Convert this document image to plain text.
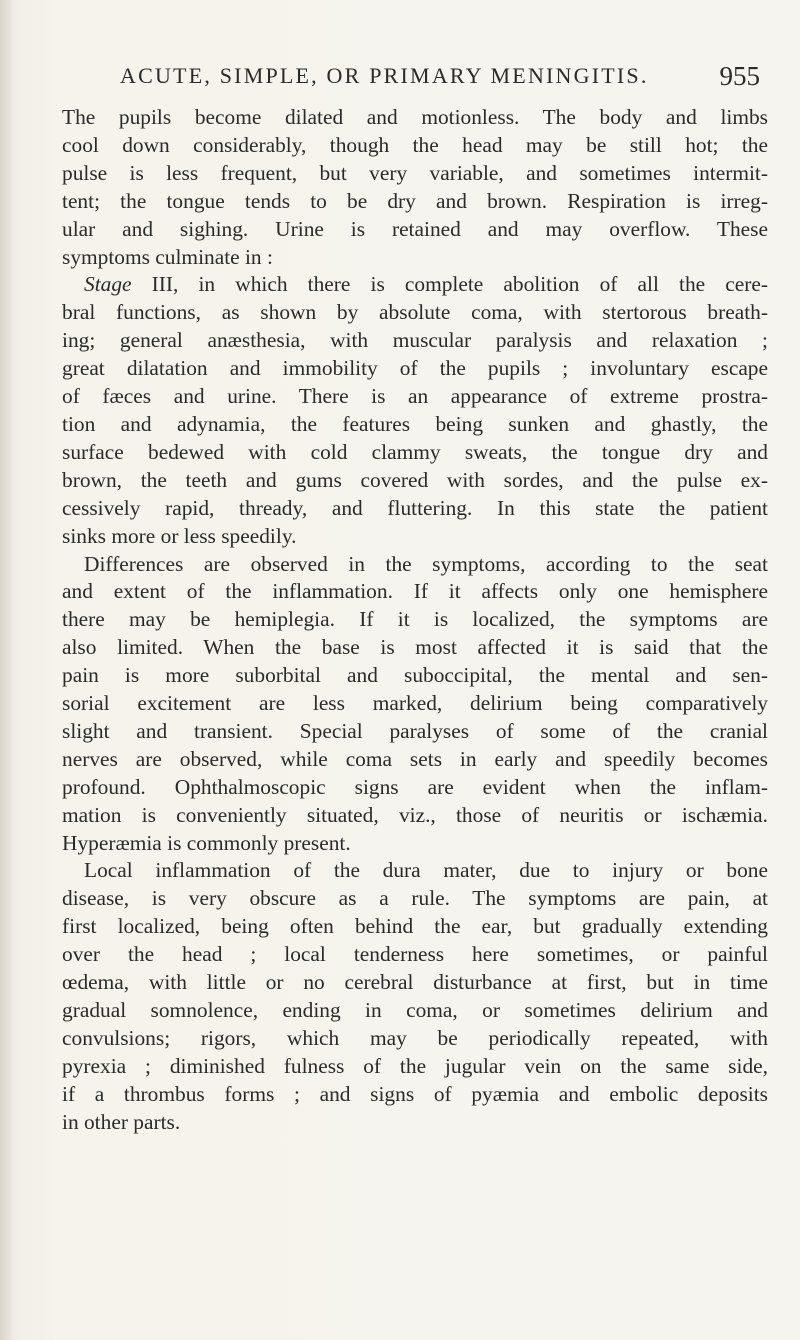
ACUTE, SIMPLE, OR PRIMARY MENINGITIS.	955

The pupils become dilated and motionless. The body and limbs
cool down considerably, though the head may be still hot; the
pulse is less frequent, but very variable, and sometimes intermit-
tent; the tongue tends to be dry and brown. Respiration is irreg-
ular and sighing. Urine is retained and may overflow. These
symptoms culminate in :

Stage III, in which there is complete abolition of all the cere-
bral functions, as shown by absolute coma, with stertorous breath-
ing; general anæsthesia, with muscular paralysis and relaxation ;
great dilatation and immobility of the pupils ; involuntary escape
of fæces and urine. There is an appearance of extreme prostra-
tion and adynamia, the features being sunken and ghastly, the
surface bedewed with cold clammy sweats, the tongue dry and
brown, the teeth and gums covered with sordes, and the pulse ex-
cessively rapid, thready, and fluttering. In this state the patient
sinks more or less speedily.

Differences are observed in the symptoms, according to the seat
and extent of the inflammation. If it affects only one hemisphere
there may be hemiplegia. If it is localized, the symptoms are
also limited. When the base is most affected it is said that the
pain is more suborbital and suboccipital, the mental and sen-
sorial excitement are less marked, delirium being comparatively
slight and transient. Special paralyses of some of the cranial
nerves are observed, while coma sets in early and speedily becomes
profound. Ophthalmoscopic signs are evident when the inflam-
mation is conveniently situated, viz., those of neuritis or ischæmia.
Hyperæmia is commonly present.

Local inflammation of the dura mater, due to injury or bone
disease, is very obscure as a rule. The symptoms are pain, at
first localized, being often behind the ear, but gradually extending
over the head ; local tenderness here sometimes, or painful
œdema, with little or no cerebral disturbance at first, but in time
gradual somnolence, ending in coma, or sometimes delirium and
convulsions; rigors, which may be periodically repeated, with
pyrexia ; diminished fulness of the jugular vein on the same side,
if a thrombus forms ; and signs of pyæmia and embolic deposits
in other parts.
